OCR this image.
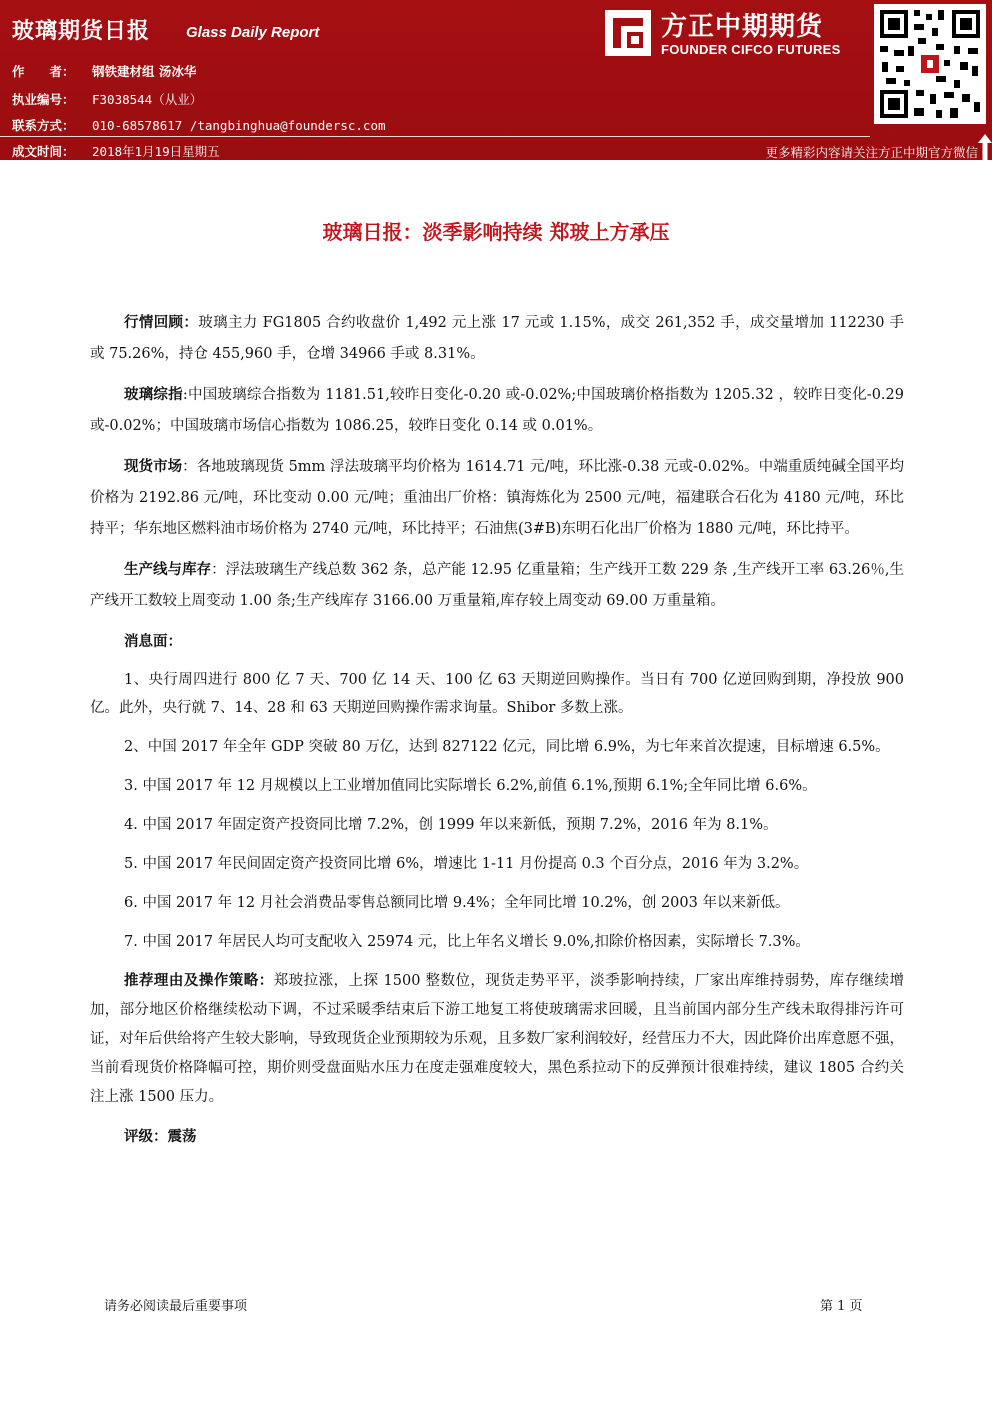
玻璃期货日报 Glass Daily Report
作　　者： 钢铁建材组 汤冰华
执业编号： F3038544（从业）
联系方式： 010-68578617 /tangbinghua@foundersc.com
成文时间： 2018年1月19日星期五
方正中期期货
FOUNDER CIFCO FUTURES
更多精彩内容请关注方正中期官方微信
玻璃日报：淡季影响持续 郑玻上方承压

行情回顾：玻璃主力 FG1805 合约收盘价 1,492 元上涨 17 元或 1.15%，成交 261,352 手，成交量增加 112230 手或 75.26%，持仓 455,960 手，仓增 34966 手或 8.31%。

玻璃综指:中国玻璃综合指数为 1181.51,较昨日变化-0.20 或-0.02%;中国玻璃价格指数为 1205.32 ，较昨日变化-0.29 或-0.02%；中国玻璃市场信心指数为 1086.25，较昨日变化 0.14 或 0.01%。

现货市场：各地玻璃现货 5mm 浮法玻璃平均价格为 1614.71 元/吨，环比涨-0.38 元或-0.02%。中端重质纯碱全国平均价格为 2192.86 元/吨，环比变动 0.00 元/吨；重油出厂价格：镇海炼化为 2500 元/吨，福建联合石化为 4180 元/吨，环比持平；华东地区燃料油市场价格为 2740 元/吨，环比持平；石油焦(3#B)东明石化出厂价格为 1880 元/吨，环比持平。

生产线与库存：浮法玻璃生产线总数 362 条，总产能 12.95 亿重量箱；生产线开工数 229 条 ,生产线开工率 63.26％,生产线开工数较上周变动 1.00 条;生产线库存 3166.00 万重量箱,库存较上周变动 69.00 万重量箱。

消息面：

1、央行周四进行 800 亿 7 天、700 亿 14 天、100 亿 63 天期逆回购操作。当日有 700 亿逆回购到期，净投放 900 亿。此外，央行就 7、14、28 和 63 天期逆回购操作需求询量。Shibor 多数上涨。

2、中国 2017 年全年 GDP 突破 80 万亿，达到 827122 亿元，同比增 6.9%，为七年来首次提速，目标增速 6.5%。

3. 中国 2017 年 12 月规模以上工业增加值同比实际增长 6.2%,前值 6.1%,预期 6.1%;全年同比增 6.6%。

4. 中国 2017 年固定资产投资同比增 7.2%，创 1999 年以来新低，预期 7.2%，2016 年为 8.1%。

5. 中国 2017 年民间固定资产投资同比增 6%，增速比 1-11 月份提高 0.3 个百分点，2016 年为 3.2%。

6. 中国 2017 年 12 月社会消费品零售总额同比增 9.4%；全年同比增 10.2%，创 2003 年以来新低。

7. 中国 2017 年居民人均可支配收入 25974 元，比上年名义增长 9.0%,扣除价格因素，实际增长 7.3%。

推荐理由及操作策略：郑玻拉涨，上探 1500 整数位，现货走势平平，淡季影响持续，厂家出库维持弱势，库存继续增加，部分地区价格继续松动下调，不过采暖季结束后下游工地复工将使玻璃需求回暖，且当前国内部分生产线未取得排污许可证，对年后供给将产生较大影响，导致现货企业预期较为乐观，且多数厂家利润较好，经营压力不大，因此降价出库意愿不强，当前看现货价格降幅可控，期价则受盘面贴水压力在度走强难度较大，黑色系拉动下的反弹预计很难持续，建议 1805 合约关注上涨 1500 压力。

评级：震荡

请务必阅读最后重要事项	第 1 页
